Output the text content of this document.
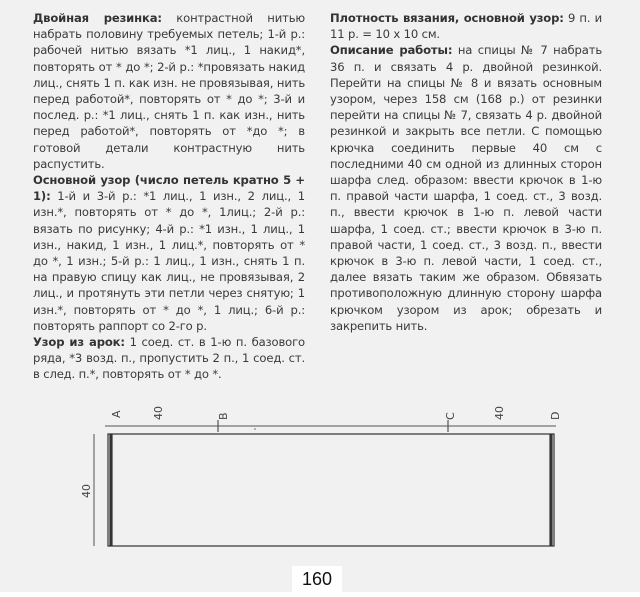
Двойная резинка: контрастной нитью набрать половину требуемых петель; 1-й р.: рабочей нитью вязать *1 лиц., 1 накид*, повторять от * до *; 2-й р.: *провязать накид лиц., снять 1 п. как изн. не провязывая, нить перед работой*, повторять от * до *; 3-й и послед. р.: *1 лиц., снять 1 п. как изн., нить перед работой*, повторять от *до *; в готовой детали контрастную нить распустить.

Основной узор (число петель кратно 5 + 1): 1-й и 3-й р.: *1 лиц., 1 изн., 2 лиц., 1 изн.*, повторять от * до *, 1лиц.; 2-й р.: вязать по рисунку; 4-й р.: *1 изн., 1 лиц., 1 изн., накид, 1 изн., 1 лиц.*, повторять от * до *, 1 изн.; 5-й р.: 1 лиц., 1 изн., снять 1 п. на правую спицу как лиц., не провязывая, 2 лиц., и протянуть эти петли через снятую; 1 изн.*, повторять от * до *, 1 лиц.; 6-й р.: повторять раппорт со 2-го р.

Узор из арок: 1 соед. ст. в 1-ю п. базового ряда, *3 возд. п., пропустить 2 п., 1 соед. ст. в след. п.*, повторять от * до *.

Плотность вязания, основной узор: 9 п. и 11 р. = 10 х 10 см.

Описание работы: на спицы № 7 набрать 36 п. и связать 4 р. двойной резинкой. Перейти на спицы № 8 и вязать основным узором, через 158 см (168 р.) от резинки перейти на спицы № 7, связать 4 р. двойной резинкой и закрыть все петли. С помощью крючка соединить первые 40 см с последними 40 см одной из длинных сторон шарфа след. образом: ввести крючок в 1-ю п. правой части шарфа, 1 соед. ст., 3 возд. п., ввести крючок в 1-ю п. левой части шарфа, 1 соед. ст.; ввести крючок в 3-ю п. правой части, 1 соед. ст., 3 возд. п., ввести крючок в 3-ю п. левой части, 1 соед. ст., далее вязать таким же образом. Обвязать противоположную длинную сторону шарфа крючком узором из арок; обрезать и закрепить нить.

A	40	B	C	40	D
40
160
